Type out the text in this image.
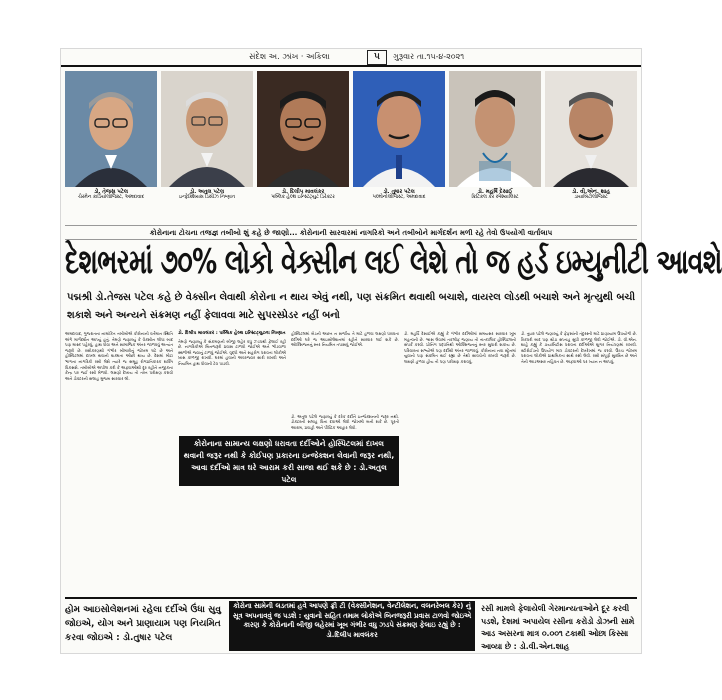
સંદેશ અ. ઝાંખ · અકિલા	૫	ગુરૂવાર તા.૧૫-૪-૨૦૨૧
ડો. તેજસ પટેલ
ચેરમેન કાર્ડિયોલોજિસ્ટ, અમદાવાદ
ડો. અતુલ પટેલ
ઇન્ફેક્શિયસ ડિસીઝ નિષ્ણાત
ડો. દિલીપ માવલંકર
પબ્લિક હેલ્થ ઇન્સ્ટિટ્યુટ ડિરેક્ટર
ડો. તુષાર પટેલ
પલ્મોનોલોજિસ્ટ, અમદાવાદ
ડો. મહર્ષિ દેસાઈ
ક્રિટિકલ કેર સ્પેશ્યાલિસ્ટ
ડો. વી.એન. શાહ
ડાયાબિટોલોજિસ્ટ
કોરોનાના ટોચના તજજ્ઞ તબીબો શું કહે છે જાણો... કોરોનાની સારવારમાં નાગરિકો અને તબીબોને માર્ગદર્શન મળી રહે તેવો ઉપયોગી વાર્તાલાપ
દેશભરમાં ૭૦% લોકો વેક્સીન લઈ લેશે તો જ હર્ડ ઇમ્યુનીટી આવશે
પદ્મશ્રી ડો.તેજસ પટેલ કહે છે વેક્સીન લેવાથી કોરોના ન થાય એવું નથી, પણ સંક્રમિત થવાથી બચાશે, વાયરલ લોડથી બચાશે અને મૃત્યુથી બચી શકાશે અને અન્યને સંક્રમણ નહીં ફેલાવવા માટે સુપરસ્પ્રેડર નહીં બનો

અમદાવાદ, ગુજરાતના નામાંકિત તબીબોએ કોરોનાની વર્તમાન સ્થિતિ અંગે માર્ગદર્શન આપ્યું હતું. તેમણે જણાવ્યું કે વેક્સીન લીધા બાદ પણ માસ્ક પહેરવું, હાથ ધોવા અને સામાજિક અંતર જાળવવું અત્યંત જરૂરી છે. રસીકરણથી ગંભીર બીમારીનું જોખમ ઘટે છે અને હોસ્પિટલમાં દાખલ થવાની શક્યતા ઓછી થાય છે. દેશમાં મોટા ભાગના નાગરિકો રસી લેશે ત્યારે જ સમૂહ રોગપ્રતિકારક શક્તિ વિકસશે. તબીબોએ અપીલ કરી કે અફવાઓથી દૂર રહીને નજીકના કેન્દ્ર પર જઈ રસી મેળવો. લક્ષણો દેખાય તો તરત પરીક્ષણ કરાવો અને ડોક્ટરની સલાહ મુજબ સારવાર લો.

ડો. દિલીપ માવલંકર : પબ્લિક હેલ્થ ઇન્સ્ટિટ્યુટના નિષ્ણાત

તેમણે જણાવ્યું કે સંક્રમણની બીજી લહેર વધુ ઝડપથી ફેલાઈ રહી છે. નાગરિકોએ બિનજરૂરી પ્રવાસ ટાળવો જોઈએ અને ભીડવાળા સ્થળોએ જવાનું ટાળવું જોઈએ. વૃદ્ધો અને સહરોગ ધરાવતા લોકોએ ખાસ કાળજી રાખવી. ઘરમાં હવાની અવરજવર સારી રાખવી અને નિયમિત હાથ ધોવાની ટેવ પાડવી.

હોસ્પિટલમાં બેડની અછત ન સર્જાય તે માટે હળવા લક્ષણો ધરાવતા દર્દીઓ ઘરે જ આઇસોલેશનમાં રહીને સારવાર લઈ શકે છે. ઓક્સિજનનું સ્તર નિયમિત તપાસવું જોઈએ.

ડો. અતુલ પટેલે જણાવ્યું કે દરેક દર્દીને ઇન્જેક્શનની જરૂર નથી. ડોક્ટરની સલાહ વિના દવાઓ લેવી જોખમી બની શકે છે. પૂરતો આરામ, પ્રવાહી અને પૌષ્ટિક આહાર લેવો.

ડો. મહર્ષિ દેસાઈએ કહ્યું કે ગંભીર દર્દીઓમાં સમયસર સારવાર ખૂબ મહત્વની છે. શ્વાસ લેવામાં તકલીફ જણાય તો તાત્કાલિક હોસ્પિટલનો સંપર્ક કરવો. પ્રોનિંગ પદ્ધતિથી ઓક્સિજનનું સ્તર સુધારી શકાય છે. પરિવારના સભ્યોએ પણ દર્દીથી અંતર જાળવવું. કોરોનાના નવા સ્ટ્રેનમાં યુવાનો પણ સંક્રમિત થઈ રહ્યા છે તેથી સાવચેતી રાખવી જરૂરી છે. લક્ષણો હળવા હોય તો પણ પરીક્ષણ કરાવવું.

ડો. તુષાર પટેલે જણાવ્યું કે ફેફસાંની તંદુરસ્તી માટે પ્રાણાયામ ઉપયોગી છે. રિકવરી બાદ પણ થોડા સપ્તાહ સુધી કાળજી લેવી જોઈએ. ડો. વી.એન. શાહે કહ્યું કે ડાયાબિટીસ ધરાવતા દર્દીઓએ શુગર નિયંત્રણમાં રાખવી. સ્ટીરોઈડનો ઉપયોગ માત્ર ડોક્ટરની દેખરેખમાં જ કરવો. ઉચ્ચ જોખમ ધરાવતા લોકોએ પ્રાથમિકતા સાથે રસી લેવી. રસી સંપૂર્ણ સુરક્ષિત છે અને તેની આડઅસર નહિવત છે. અફવાઓ પર ધ્યાન ન આપવું.

કોરોનાના સામાન્ય લક્ષણો ધરાવતા દર્દીઓને હોસ્પિટલમાં દાખલ થવાની જરૂર નથી કે કોઈપણ પ્રકારના ઇન્જેક્શન લેવાની જરૂર નથી, આવા દર્દીઓ માત્ર ઘરે આરામ કરી સાજા થઈ શકે છે : ડો.અતુલ પટેલ
હોમ આઇસોલેશનમાં રહેલા દર્દીએ ઉંધા સુવુ જોઇએ, યોગ અને પ્રાણાયામ પણ નિયમિત કરવા જોઇએ : ડો.તુષાર પટેલ
કોરોના સામેની લડતમાં હવે આપણે ફ્રી ટી (વેક્સીનેશન, વેન્ટીલેશન, વલનરેબલ કેર) નું સૂત્ર અપનાવવું જ પડશે : યુવાનો સહિત તમામ લોકોએ બિનજરૂરી પ્રવાસ ટાળવો જોઇએ કારણ કે કોરોનાની બીજી લહેરમાં ખૂબ ગંભીર વધુ ઝડપે સંક્રમણ ફેલાઇ રહ્યું છે : ડો.દિલીપ માવલંકર
રસી મામલે ફેલાયેલી ગેરમાન્યતાઓને દૂર કરવી પડશે, દેશમાં અપાયેલ રસીના કરોડો ડોઝની સામે આડ અસરના માત્ર ૦.૦૦૧ ટકાથી ઓછા કિસ્સા આવ્યા છે : ડો.વી.એન.શાહ
